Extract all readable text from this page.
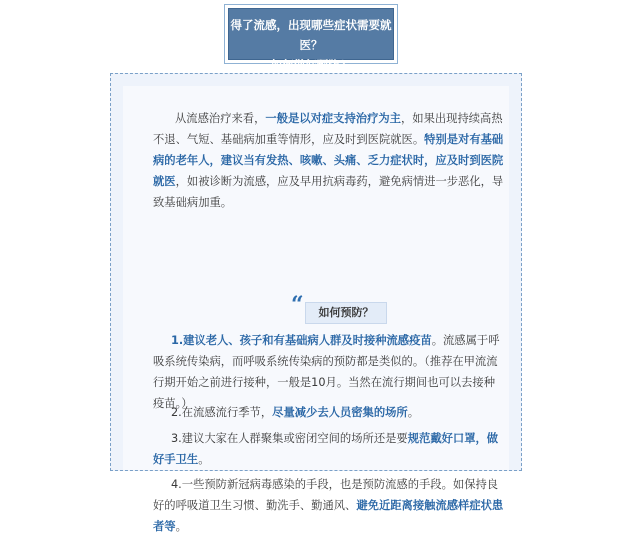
得了流感，出现哪些症状需要就医？
如何做好预防？
从流感治疗来看，一般是以对症支持治疗为主，如果出现持续高热不退、气短、基础病加重等情形，应及时到医院就医。特别是对有基础病的老年人，建议当有发热、咳嗽、头痛、乏力症状时，应及时到医院就医，如被诊断为流感，应及早用抗病毒药，避免病情进一步恶化，导致基础病加重。
“	如何预防？
1.建议老人、孩子和有基础病人群及时接种流感疫苗。流感属于呼吸系统传染病，而呼吸系统传染病的预防都是类似的。（推荐在甲流流行期开始之前进行接种，一般是10月。当然在流行期间也可以去接种疫苗。）
2.在流感流行季节，尽量减少去人员密集的场所。
3.建议大家在人群聚集或密闭空间的场所还是要规范戴好口罩，做好手卫生。
4.一些预防新冠病毒感染的手段，也是预防流感的手段。如保持良好的呼吸道卫生习惯、勤洗手、勤通风、避免近距离接触流感样症状患者等。
